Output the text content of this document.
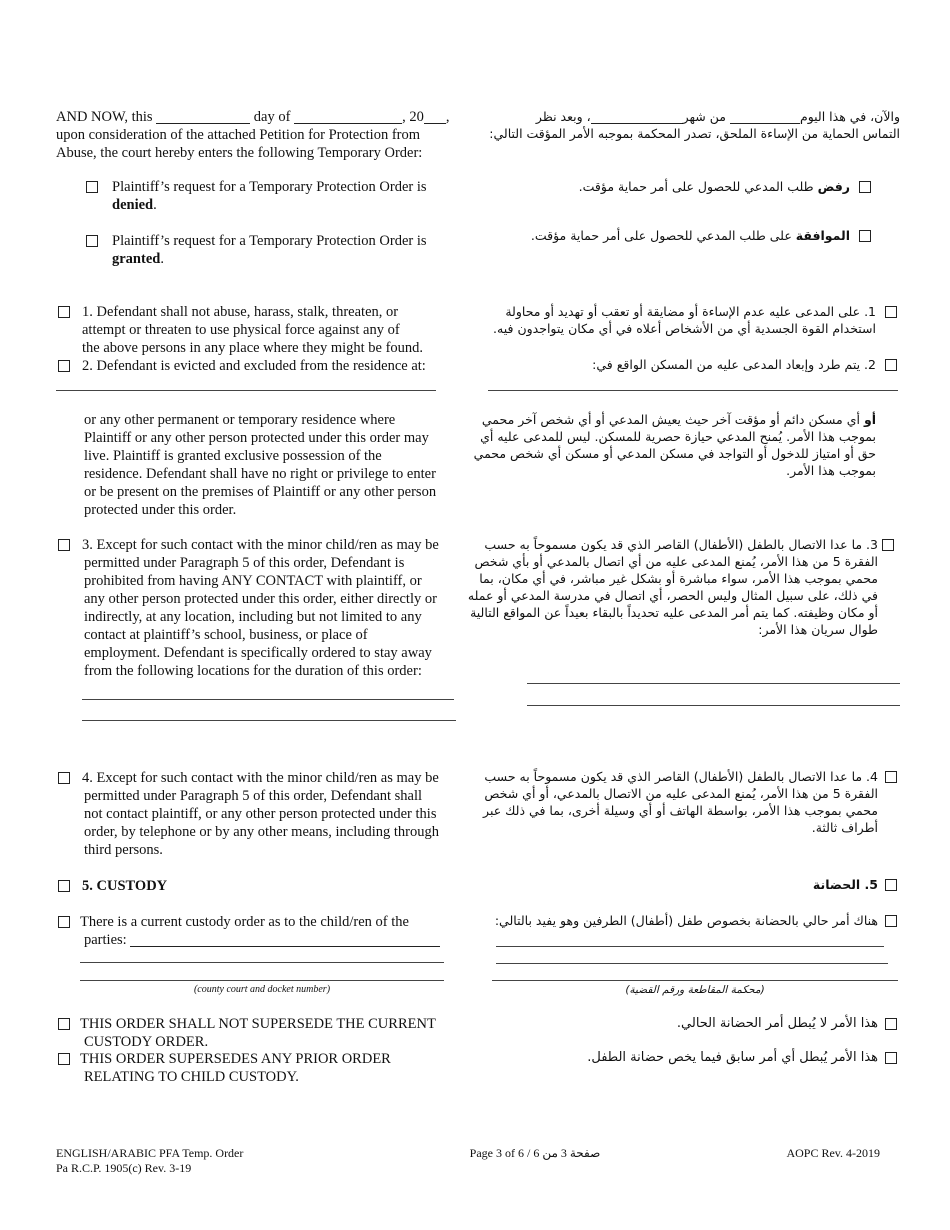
AND NOW, this	day of	, 20 ,
upon consideration of the attached Petition for Protection from
Abuse, the court hereby enters the following Temporary Order:
Plaintiff’s request for a Temporary Protection Order is
denied.
Plaintiff’s request for a Temporary Protection Order is
granted.
1. Defendant shall not abuse, harass, stalk, threaten, or
attempt or threaten to use physical force against any of
the above persons in any place where they might be found.
2. Defendant is evicted and excluded from the residence at:
or any other permanent or temporary residence where
Plaintiff or any other person protected under this order may
live. Plaintiff is granted exclusive possession of the
residence. Defendant shall have no right or privilege to enter
or be present on the premises of Plaintiff or any other person
protected under this order.
3. Except for such contact with the minor child/ren as may be
permitted under Paragraph 5 of this order, Defendant is
prohibited from having ANY CONTACT with plaintiff, or
any other person protected under this order, either directly or
indirectly, at any location, including but not limited to any
contact at plaintiff’s school, business, or place of
employment. Defendant is specifically ordered to stay away
from the following locations for the duration of this order:
4. Except for such contact with the minor child/ren as may be
permitted under Paragraph 5 of this order, Defendant shall
not contact plaintiff, or any other person protected under this
order, by telephone or by any other means, including through
third persons.
5. CUSTODY
There is a current custody order as to the child/ren of the
parties:
(county court and docket number)
THIS ORDER SHALL NOT SUPERSEDE THE CURRENT
CUSTODY ORDER.
THIS ORDER SUPERSEDES ANY PRIOR ORDER
RELATING TO CHILD CUSTODY.
والآن، في هذا اليوم من شهر، وبعد نظر
التماس الحماية من الإساءة الملحق، تصدر المحكمة بموجبه الأمر المؤقت التالي:
رفض طلب المدعي للحصول على أمر حماية مؤقت.
الموافقة على طلب المدعي للحصول على أمر حماية مؤقت.
1. على المدعى عليه عدم الإساءة أو مضايقة أو تعقب أو تهديد أو محاولة
استخدام القوة الجسدية أي من الأشخاص أعلاه في أي مكان يتواجدون فيه.
2. يتم طرد وإبعاد المدعى عليه من المسكن الواقع في:
أو أي مسكن دائم أو مؤقت آخر حيث يعيش المدعي أو أي شخص آخر محمي
بموجب هذا الأمر. يُمنح المدعي حيازة حصرية للمسكن. ليس للمدعى عليه أي
حق أو امتياز للدخول أو التواجد في مسكن المدعي أو مسكن أي شخص محمي
بموجب هذا الأمر.
3. ما عدا الاتصال بالطفل (الأطفال) القاصر الذي قد يكون مسموحاً به حسب
الفقرة 5 من هذا الأمر، يُمنع المدعى عليه من أي اتصال بالمدعي أو بأي شخص
محمي بموجب هذا الأمر، سواء مباشرة أو بشكل غير مباشر، في أي مكان، بما
في ذلك، على سبيل المثال وليس الحصر، أي اتصال في مدرسة المدعي أو عمله
أو مكان وظيفته. كما يتم أمر المدعى عليه تحديداً بالبقاء بعيداً عن المواقع التالية
طوال سريان هذا الأمر:
4. ما عدا الاتصال بالطفل (الأطفال) القاصر الذي قد يكون مسموحاً به حسب
الفقرة 5 من هذا الأمر، يُمنع المدعى عليه من الاتصال بالمدعي، أو أي شخص
محمي بموجب هذا الأمر، بواسطة الهاتف أو أي وسيلة أخرى، بما في ذلك عبر
أطراف ثالثة.
5. الحضانة
هناك أمر حالي بالحضانة بخصوص طفل (أطفال) الطرفين وهو يفيد بالتالي:
(محكمة المقاطعة ورقم القضية)
هذا الأمر لا يُبطل أمر الحضانة الحالي.
هذا الأمر يُبطل أي أمر سابق فيما يخص حضانة الطفل.
ENGLISH/ARABIC PFA Temp. Order
Pa R.C.P. 1905(c) Rev. 3-19
Page 3 of 6 / 6 صفحة 3 من	AOPC Rev. 4-2019
